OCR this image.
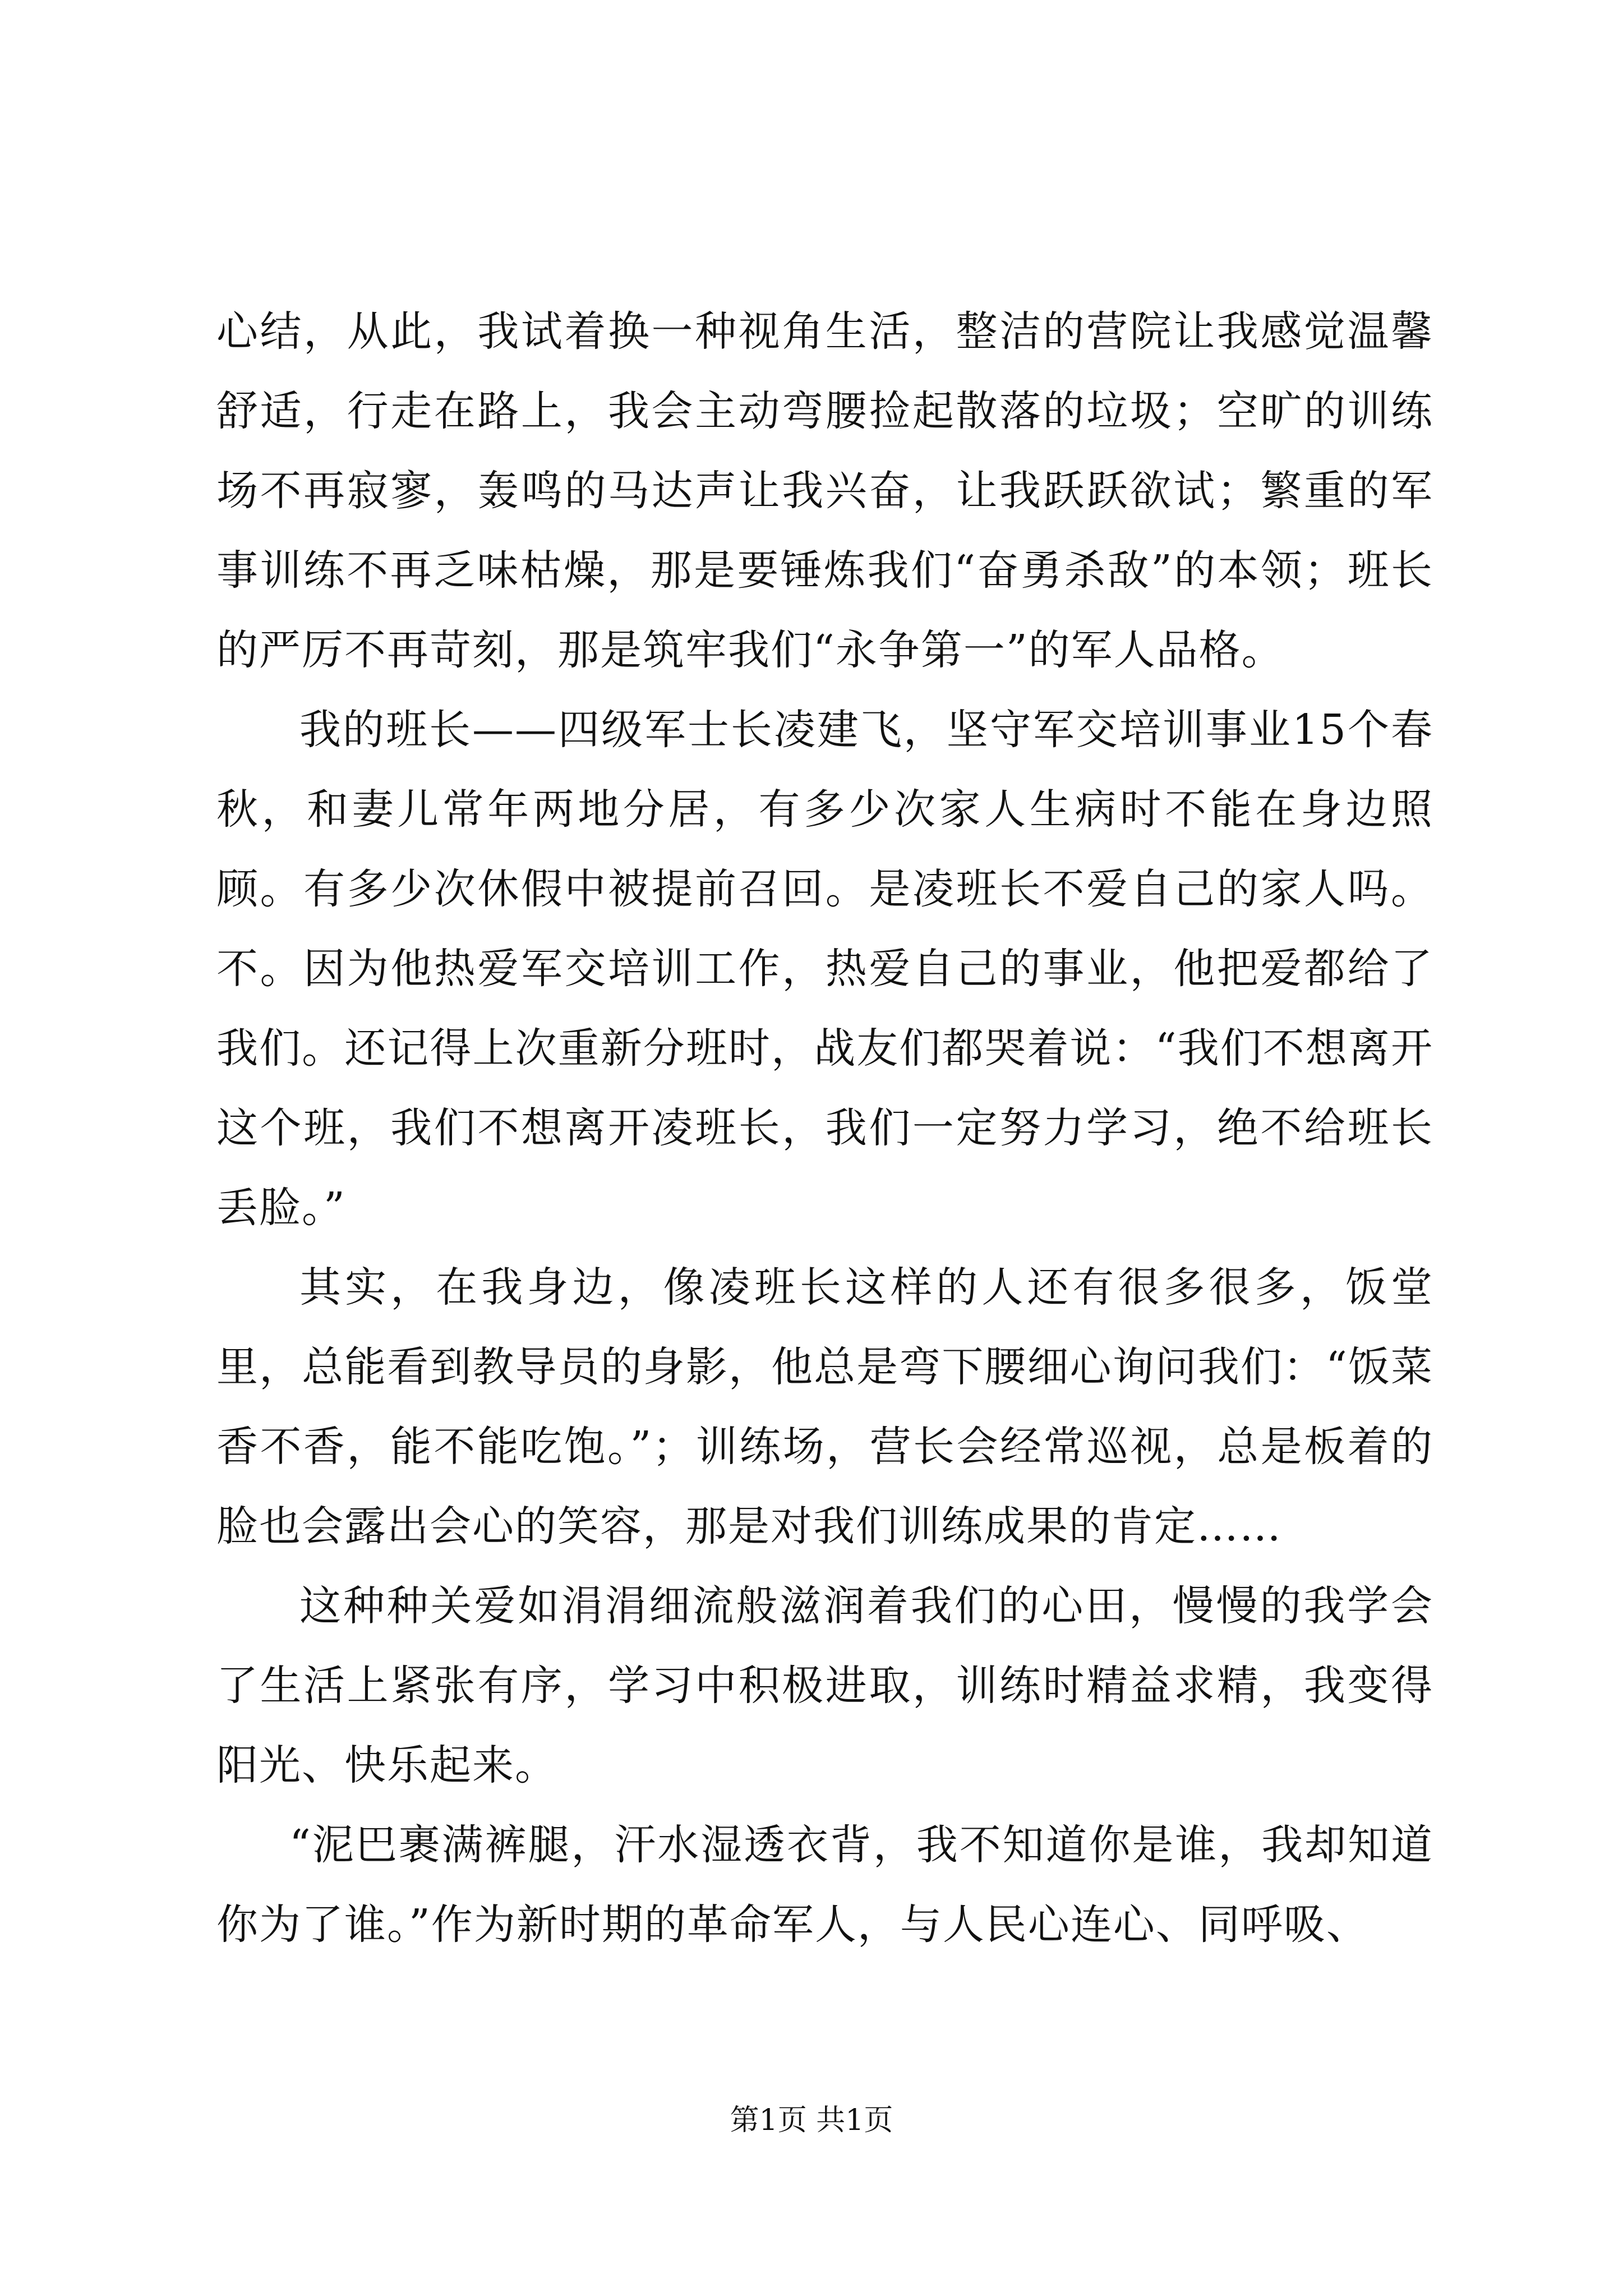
心结，从此，我试着换一种视角生活，整洁的营院让我感觉温馨舒适，行走在路上，我会主动弯腰捡起散落的垃圾；空旷的训练场不再寂寥，轰鸣的马达声让我兴奋，让我跃跃欲试；繁重的军事训练不再乏味枯燥，那是要锤炼我们“奋勇杀敌”的本领；班长的严厉不再苛刻，那是筑牢我们“永争第一”的军人品格。

我的班长——四级军士长凌建飞，坚守军交培训事业15个春秋，和妻儿常年两地分居，有多少次家人生病时不能在身边照顾。有多少次休假中被提前召回。是凌班长不爱自己的家人吗。不。因为他热爱军交培训工作，热爱自己的事业，他把爱都给了我们。还记得上次重新分班时，战友们都哭着说：“我们不想离开这个班，我们不想离开凌班长，我们一定努力学习，绝不给班长丢脸。”

其实，在我身边，像凌班长这样的人还有很多很多，饭堂里，总能看到教导员的身影，他总是弯下腰细心询问我们：“饭菜香不香，能不能吃饱。”；训练场，营长会经常巡视，总是板着的脸也会露出会心的笑容，那是对我们训练成果的肯定……

这种种关爱如涓涓细流般滋润着我们的心田，慢慢的我学会了生活上紧张有序，学习中积极进取，训练时精益求精，我变得阳光、快乐起来。

“泥巴裹满裤腿，汗水湿透衣背，我不知道你是谁，我却知道你为了谁。”作为新时期的革命军人，与人民心连心、同呼吸、

第1页 共1页
